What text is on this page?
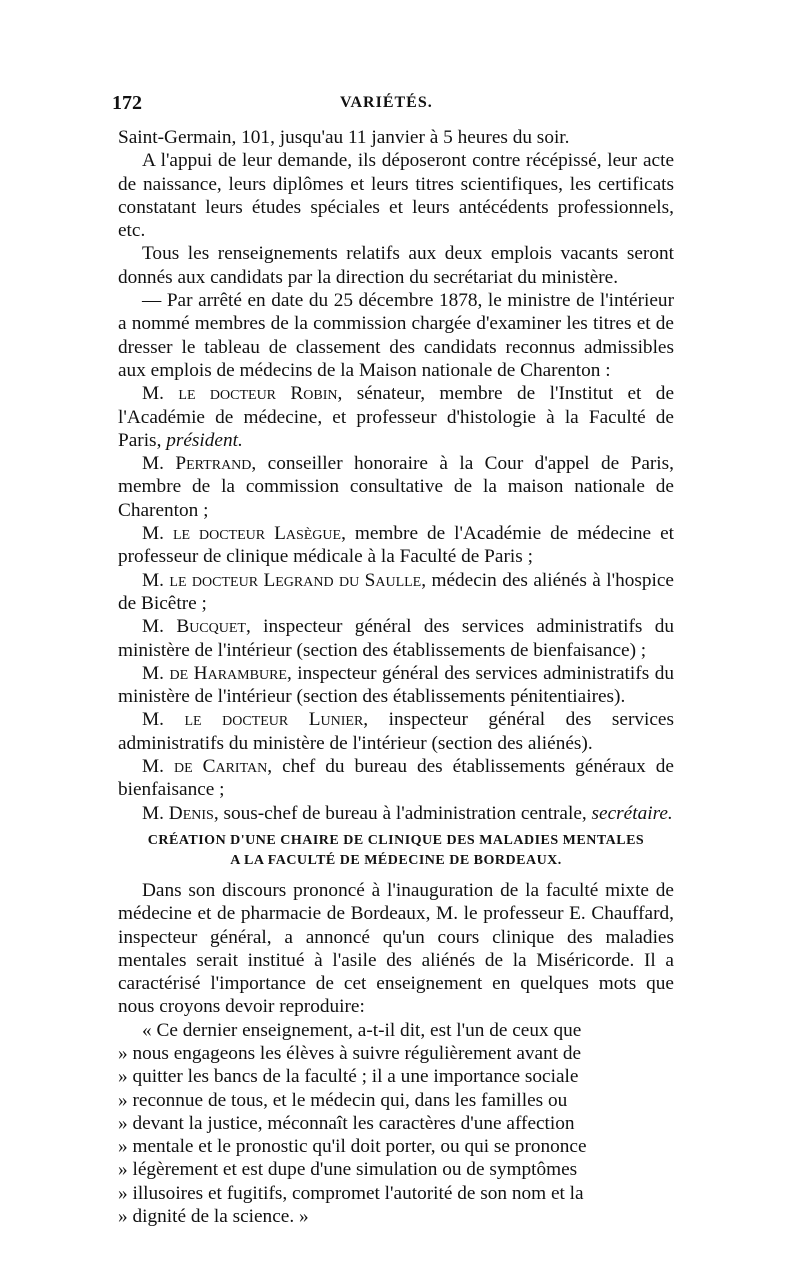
172	VARIÉTÉS.

Saint-Germain, 101, jusqu'au 11 janvier à 5 heures du soir.

A l'appui de leur demande, ils déposeront contre récépissé, leur acte de naissance, leurs diplômes et leurs titres scientifiques, les certificats constatant leurs études spéciales et leurs antécédents professionnels, etc.

Tous les renseignements relatifs aux deux emplois vacants seront donnés aux candidats par la direction du secrétariat du ministère.

— Par arrêté en date du 25 décembre 1878, le ministre de l'intérieur a nommé membres de la commission chargée d'examiner les titres et de dresser le tableau de classement des candidats reconnus admissibles aux emplois de médecins de la Maison nationale de Charenton :

M. le docteur Robin, sénateur, membre de l'Institut et de l'Académie de médecine, et professeur d'histologie à la Faculté de Paris, président.

M. Pertrand, conseiller honoraire à la Cour d'appel de Paris, membre de la commission consultative de la maison nationale de Charenton ;

M. le docteur Lasègue, membre de l'Académie de médecine et professeur de clinique médicale à la Faculté de Paris ;

M. le docteur Legrand du Saulle, médecin des aliénés à l'hospice de Bicêtre ;

M. Bucquet, inspecteur général des services administratifs du ministère de l'intérieur (section des établissements de bienfaisance) ;

M. de Harambure, inspecteur général des services administratifs du ministère de l'intérieur (section des établissements pénitentiaires).

M. le docteur Lunier, inspecteur général des services administratifs du ministère de l'intérieur (section des aliénés).

M. de Caritan, chef du bureau des établissements généraux de bienfaisance ;

M. Denis, sous-chef de bureau à l'administration centrale, secrétaire.

CRÉATION D'UNE CHAIRE DE CLINIQUE DES MALADIES MENTALES
A LA FACULTÉ DE MÉDECINE DE BORDEAUX.

Dans son discours prononcé à l'inauguration de la faculté mixte de médecine et de pharmacie de Bordeaux, M. le professeur E. Chauffard, inspecteur général, a annoncé qu'un cours clinique des maladies mentales serait institué à l'asile des aliénés de la Miséricorde. Il a caractérisé l'importance de cet enseignement en quelques mots que nous croyons devoir reproduire:

« Ce dernier enseignement, a-t-il dit, est l'un de ceux que

» nous engageons les élèves à suivre régulièrement avant de

» quitter les bancs de la faculté ; il a une importance sociale

» reconnue de tous, et le médecin qui, dans les familles ou

» devant la justice, méconnaît les caractères d'une affection

» mentale et le pronostic qu'il doit porter, ou qui se prononce

» légèrement et est dupe d'une simulation ou de symptômes

» illusoires et fugitifs, compromet l'autorité de son nom et la

» dignité de la science. »
